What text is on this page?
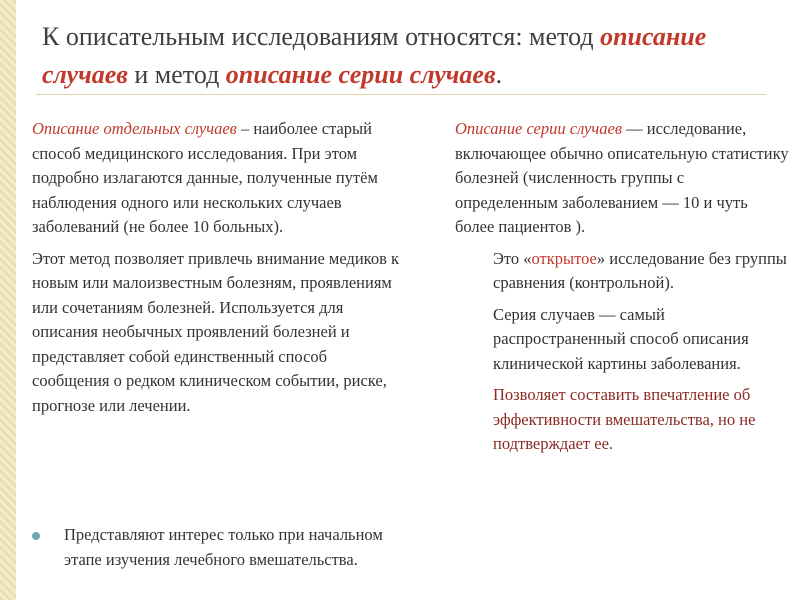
К описательным исследованиям относятся: метод описание случаев и метод описание серии случаев.

Описание отдельных случаев – наиболее старый способ медицинского исследования. При этом подробно излагаются данные, полученные путём наблюдения одного или нескольких случаев заболеваний (не более 10 больных).

Этот метод позволяет привлечь внимание медиков к новым или малоизвестным болезням, проявлениям или сочетаниям болезней. Используется для описания необычных проявлений болезней и представляет собой единственный способ сообщения о редком клиническом событии, риске, прогнозе или лечении.

Представляют интерес только при начальном этапе изучения лечебного вмешательства.

Описание серии случаев — исследование, включающее обычно описательную статистику болезней (численность группы с определенным заболеванием — 10 и чуть более пациентов ).

Это «открытое» исследование без группы сравнения (контрольной).

Серия случаев — самый распространенный способ описания клинической картины заболевания.

Позволяет составить впечатление об эффективности вмешательства, но не подтверждает ее.
